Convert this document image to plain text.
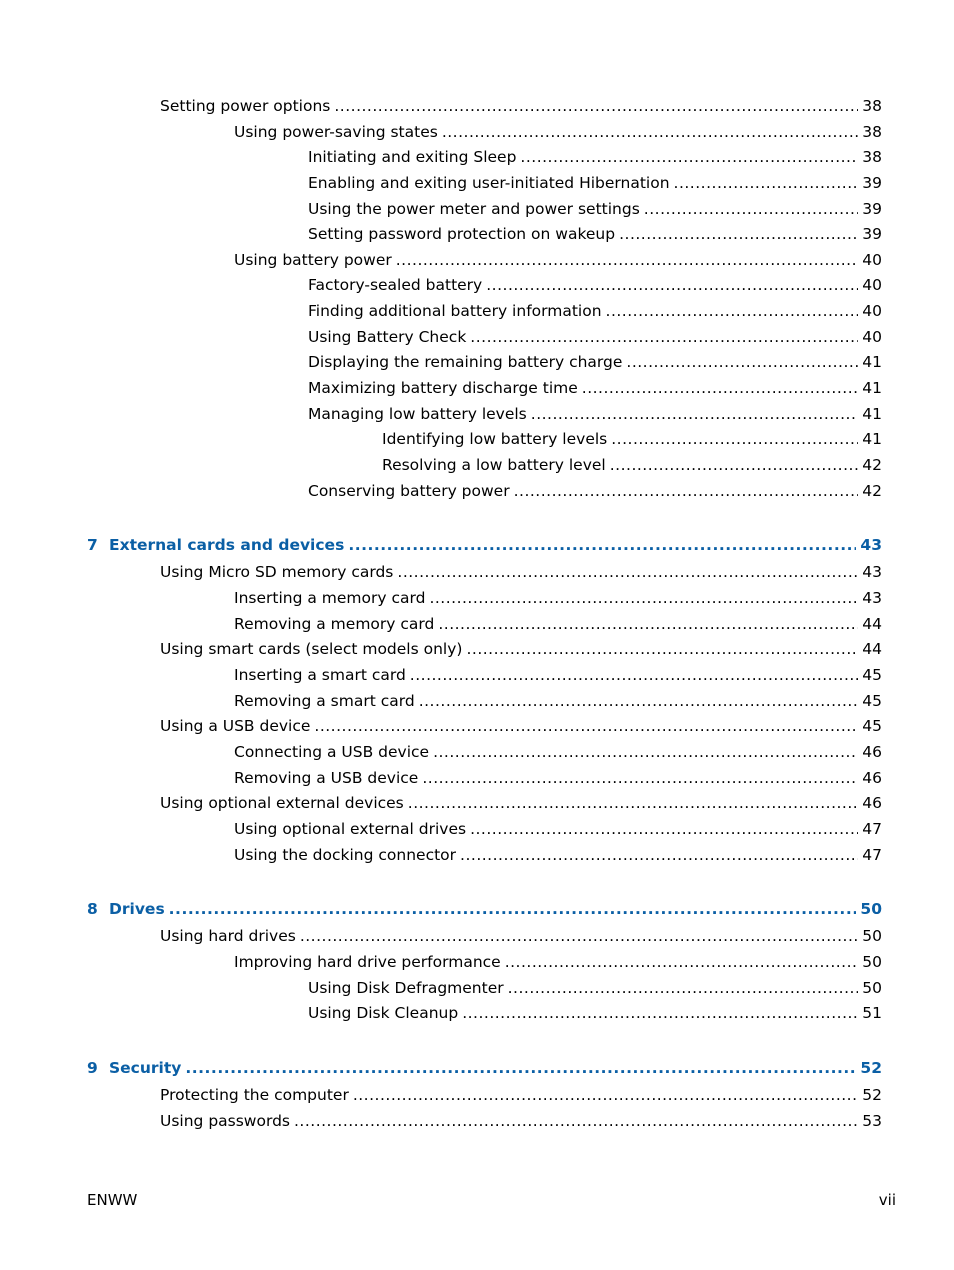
Setting power options .....	38
Using power-saving states .....	38
Initiating and exiting Sleep .....	38
Enabling and exiting user-initiated Hibernation .....	39
Using the power meter and power settings .....	39
Setting password protection on wakeup .....	39
Using battery power .....	40
Factory-sealed battery .....	40
Finding additional battery information .....	40
Using Battery Check .....	40
Displaying the remaining battery charge .....	41
Maximizing battery discharge time .....	41
Managing low battery levels .....	41
Identifying low battery levels .....	41
Resolving a low battery level .....	42
Conserving battery power .....	42
7 External cards and devices .....	43
Using Micro SD memory cards .....	43
Inserting a memory card .....	43
Removing a memory card .....	44
Using smart cards (select models only) .....	44
Inserting a smart card .....	45
Removing a smart card .....	45
Using a USB device .....	45
Connecting a USB device .....	46
Removing a USB device .....	46
Using optional external devices .....	46
Using optional external drives .....	47
Using the docking connector .....	47
8 Drives .....	50
Using hard drives .....	50
Improving hard drive performance .....	50
Using Disk Defragmenter .....	50
Using Disk Cleanup .....	51
9 Security .....	52
Protecting the computer .....	52
Using passwords .....	53
ENWW	vii
